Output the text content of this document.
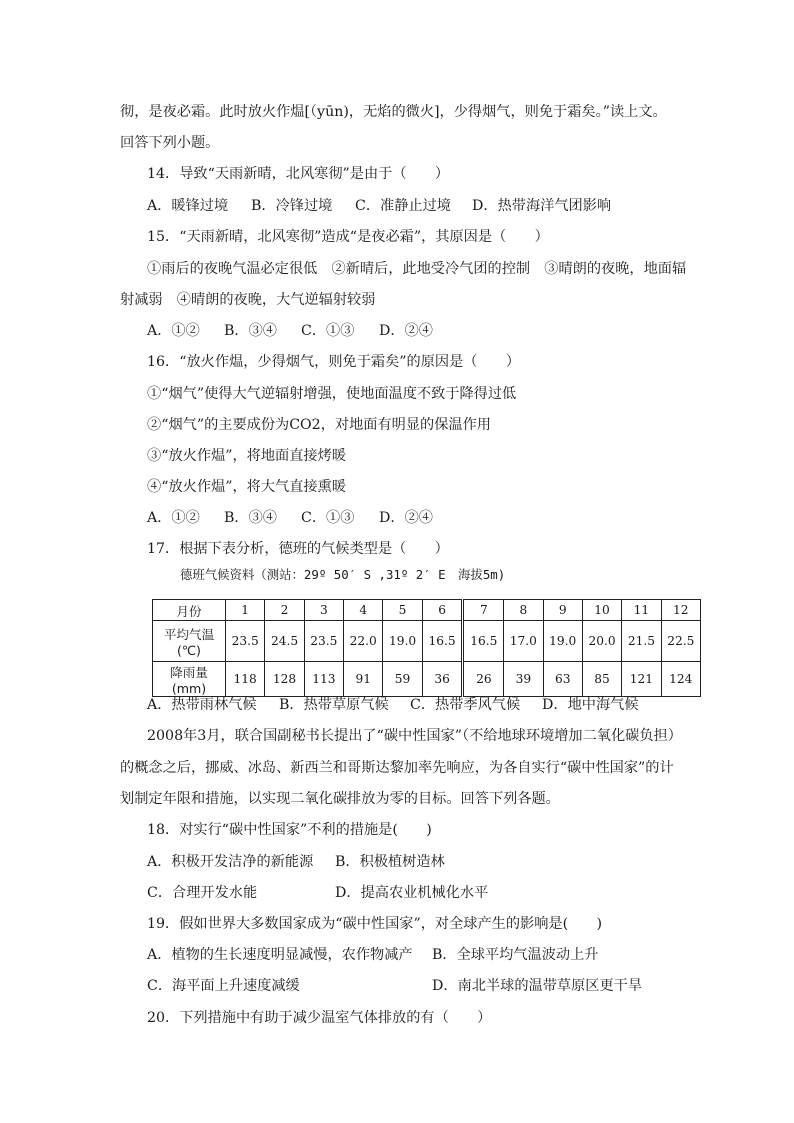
彻，是夜必霜。此时放火作煴[（yūn)，无焰的微火]，少得烟气，则免于霜矣。”读上文。
回答下列小题。
14．导致“天雨新晴，北风寒彻”是由于（　　）
A．暖锋过境 B．冷锋过境 C．准静止过境 D．热带海洋气团影响
15．“天雨新晴，北风寒彻”造成“是夜必霜”，其原因是（　　）
①雨后的夜晚气温必定很低　②新晴后，此地受冷气团的控制　③晴朗的夜晚，地面辐
射减弱　④晴朗的夜晚，大气逆辐射较弱
A．①② B．③④ C．①③ D．②④
16．“放火作煴，少得烟气，则免于霜矣”的原因是（　　）
①“烟气”使得大气逆辐射增强，使地面温度不致于降得过低
②“烟气”的主要成份为CO2，对地面有明显的保温作用
③“放火作煴”，将地面直接烤暖
④“放火作煴”，将大气直接熏暖
A．①② B．③④ C．①③ D．②④
17．根据下表分析，德班的气候类型是（　　）
德班气候资料（测站：29º 50′ S ,31º 2′ E　海拔5m)
月份	1	2	3	4	5	6	7	8	9	10	11	12

平均气温
(℃)	23.5	24.5	23.5	22.0	19.0	16.5	16.5	17.0	19.0	20.0	21.5	22.5
降雨量(mm)	118	128	113	91	59	36	26	39	63	85	121	124
A．热带雨林气候 B．热带草原气候 C．热带季风气候 D．地中海气候
2008年3月，联合国副秘书长提出了“碳中性国家”（不给地球环境增加二氧化碳负担）
的概念之后，挪威、冰岛、新西兰和哥斯达黎加率先响应，为各自实行“碳中性国家”的计
划制定年限和措施，以实现二氧化碳排放为零的目标。回答下列各题。
18．对实行“碳中性国家”不利的措施是(　　)
A．积极开发洁净的新能源 B．积极植树造林
C．合理开发水能	D．提高农业机械化水平
19．假如世界大多数国家成为“碳中性国家”，对全球产生的影响是(　　)
A．植物的生长速度明显减慢，农作物减产 B．全球平均气温波动上升
C．海平面上升速度减缓	D．南北半球的温带草原区更干旱
20．下列措施中有助于减少温室气体排放的有（　　）
